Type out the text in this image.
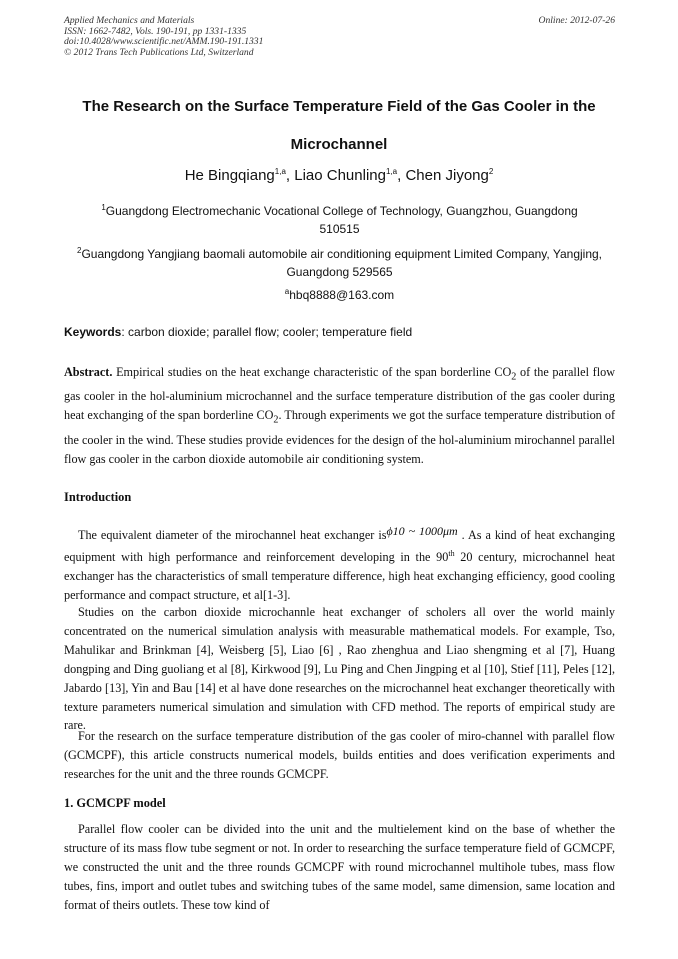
Applied Mechanics and Materials
ISSN: 1662-7482, Vols. 190-191, pp 1331-1335
doi:10.4028/www.scientific.net/AMM.190-191.1331
© 2012 Trans Tech Publications Ltd, Switzerland
Online: 2012-07-26
The Research on the Surface Temperature Field of the Gas Cooler in the
Microchannel
He Bingqiang$^{1,a}$, Liao Chunling$^{1,a}$, Chen Jiyong$^2$
$^1$Guangdong Electromechanic Vocational College of Technology, Guangzhou, Guangdong
510515
$^2$Guangdong Yangjiang baomali automobile air conditioning equipment Limited Company, Yangjing,
Guangdong 529565
$^a$hbq8888@163.com
Keywords: carbon dioxide; parallel flow; cooler; temperature field

Abstract. Empirical studies on the heat exchange characteristic of the span borderline $CO_2$ of the parallel flow gas cooler in the hol-aluminium microchannel and the surface temperature distribution of the gas cooler during heat exchanging of the span borderline $CO_2$. Through experiments we got the surface temperature distribution of the cooler in the wind. These studies provide evidences for the design of the hol-aluminium mirochannel parallel flow gas cooler in the carbon dioxide automobile air conditioning system.

Introduction

The equivalent diameter of the mirochannel heat exchanger isϕ10 ~ 1000μm . As a kind of heat exchanging equipment with high performance and reinforcement developing in the 90th 20 century, microchannel heat exchanger has the characteristics of small temperature difference, high heat exchanging efficiency, good cooling performance and compact structure, et al[1-3].

Studies on the carbon dioxide microchannle heat exchanger of scholers all over the world mainly concentrated on the numerical simulation analysis with measurable mathematical models. For example, Tso, Mahulikar and Brinkman [4], Weisberg [5], Liao [6] , Rao zhenghua and Liao shengming et al [7], Huang dongping and Ding guoliang et al [8], Kirkwood [9], Lu Ping and Chen Jingping et al [10], Stief [11], Peles [12], Jabardo [13], Yin and Bau [14] et al have done researches on the microchannel heat exchanger theoretically with texture parameters numerical simulation and simulation with CFD method. The reports of empirical study are rare.

For the research on the surface temperature distribution of the gas cooler of miro-channel with parallel flow (GCMCPF), this article constructs numerical models, builds entities and does verification experiments and researches for the unit and the three rounds GCMCPF.

1. GCMCPF model

Parallel flow cooler can be divided into the unit and the multielement kind on the base of whether the structure of its mass flow tube segment or not. In order to researching the surface temperature field of GCMCPF, we constructed the unit and the three rounds GCMCPF with round microchannel multihole tubes, mass flow tubes, fins, import and outlet tubes and switching tubes of the same model, same dimension, same location and format of theirs outlets. These tow kind of
